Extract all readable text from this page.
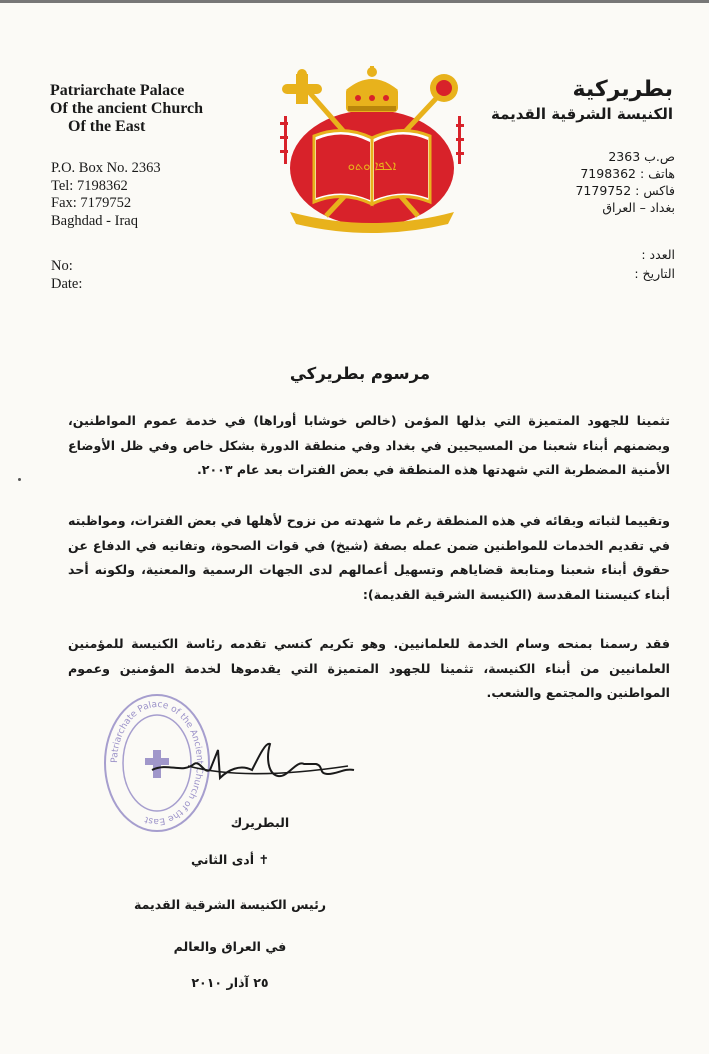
Patriarchate Palace
Of the ancient Church
Of the East
P.O. Box No. 2363
Tel: 7198362
Fax: 7179752
Baghdad - Iraq
No:
Date:
بطريركية
الكنيسة الشرقية القديمة
ص.ب 2363
هاتف : 7198362
فاكس : 7179752
بغداد – العراق
العدد :
التاريخ :
ܐܠܦܐ ܘܬܘ
مرسوم بطريركي

تثمينا للجهود المتميزة التي بذلها المؤمن (خالص خوشابا أوراها) في خدمة عموم المواطنين، وبضمنهم أبناء شعبنا من المسيحيين في بغداد وفي منطقة الدورة بشكل خاص وفي ظل الأوضاع الأمنية المضطربة التي شهدتها هذه المنطقة في بعض الفترات بعد عام ٢٠٠٣.

وتقييما لثباته وبقائه في هذه المنطقة رغم ما شهدته من نزوح لأهلها في بعض الفترات، ومواظبته في تقديم الخدمات للمواطنين ضمن عمله بصفة (شيخ) في قوات الصحوة، وتفانيه في الدفاع عن حقوق أبناء شعبنا ومتابعة قضاياهم وتسهيل أعمالهم لدى الجهات الرسمية والمعنية، ولكونه أحد أبناء كنيستنا المقدسة (الكنيسة الشرقية القديمة):

فقد رسمنا بمنحه وسام الخدمة للعلمانيين. وهو تكريم كنسي تقدمه رئاسة الكنيسة للمؤمنين العلمانيين من أبناء الكنيسة، تثمينا للجهود المتميزة التي يقدموها لخدمة المؤمنين وعموم المواطنين والمجتمع والشعب.

Patriarchate Palace of the Ancient Church of the East	البطريرك
✝ أدى الثاني
رئيس الكنيسة الشرقية القديمة
في العراق والعالم
٢٥ آذار ٢٠١٠
